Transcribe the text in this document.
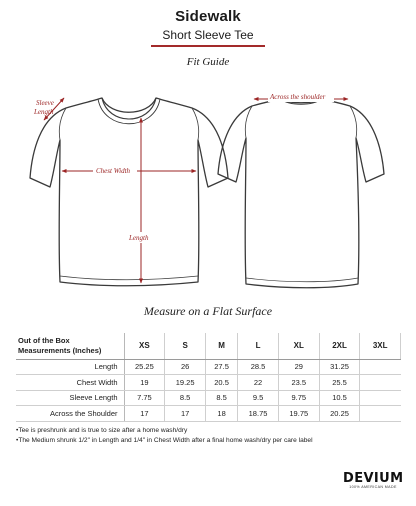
Sidewalk
Short Sleeve Tee
Fit Guide
Chest Width
Length
Sleeve
Length
Across the shoulder
Measure on a Flat Surface
Out of the Box
Measurements (Inches)	XS	S	M	L	XL	2XL	3XL
Length	25.25	26	27.5	28.5	29	31.25	
Chest Width	19	19.25	20.5	22	23.5	25.5	
Sleeve Length	7.75	8.5	8.5	9.5	9.75	10.5	
Across the Shoulder	17	17	18	18.75	19.75	20.25	
• Tee is preshrunk and is true to size after a home wash/dry
• The Medium shrunk 1/2" in Length and 1/4" in Chest Width after a final home wash/dry per care label
DEVIUM
100% AMERICAN MADE
